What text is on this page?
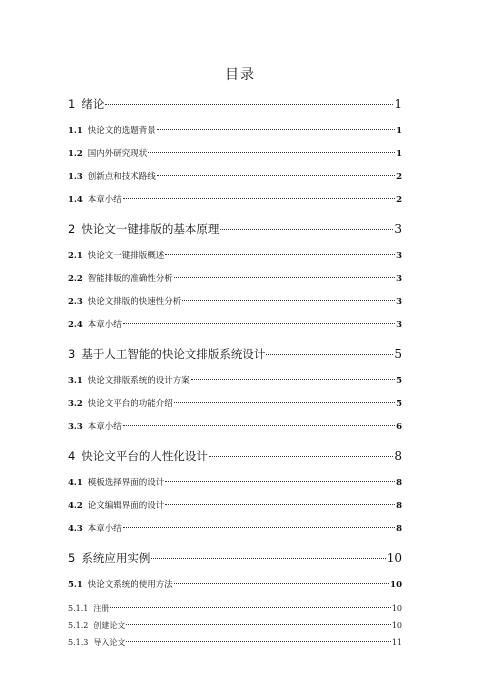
目录
1 绪论	1
1.1 快论文的选题背景	1
1.2 国内外研究现状	1
1.3 创新点和技术路线	2
1.4 本章小结	2
2 快论文一键排版的基本原理	3
2.1 快论文一键排版概述	3
2.2 智能排版的准确性分析	3
2.3 快论文排版的快速性分析	3
2.4 本章小结	3
3 基于人工智能的快论文排版系统设计	5
3.1 快论文排版系统的设计方案	5
3.2 快论文平台的功能介绍	5
3.3 本章小结	6
4 快论文平台的人性化设计	8
4.1 模板选择界面的设计	8
4.2 论文编辑界面的设计	8
4.3 本章小结	8
5 系统应用实例	10
5.1 快论文系统的使用方法	10
5.1.1 注册	10
5.1.2 创建论文	10
5.1.3 导入论文	11
